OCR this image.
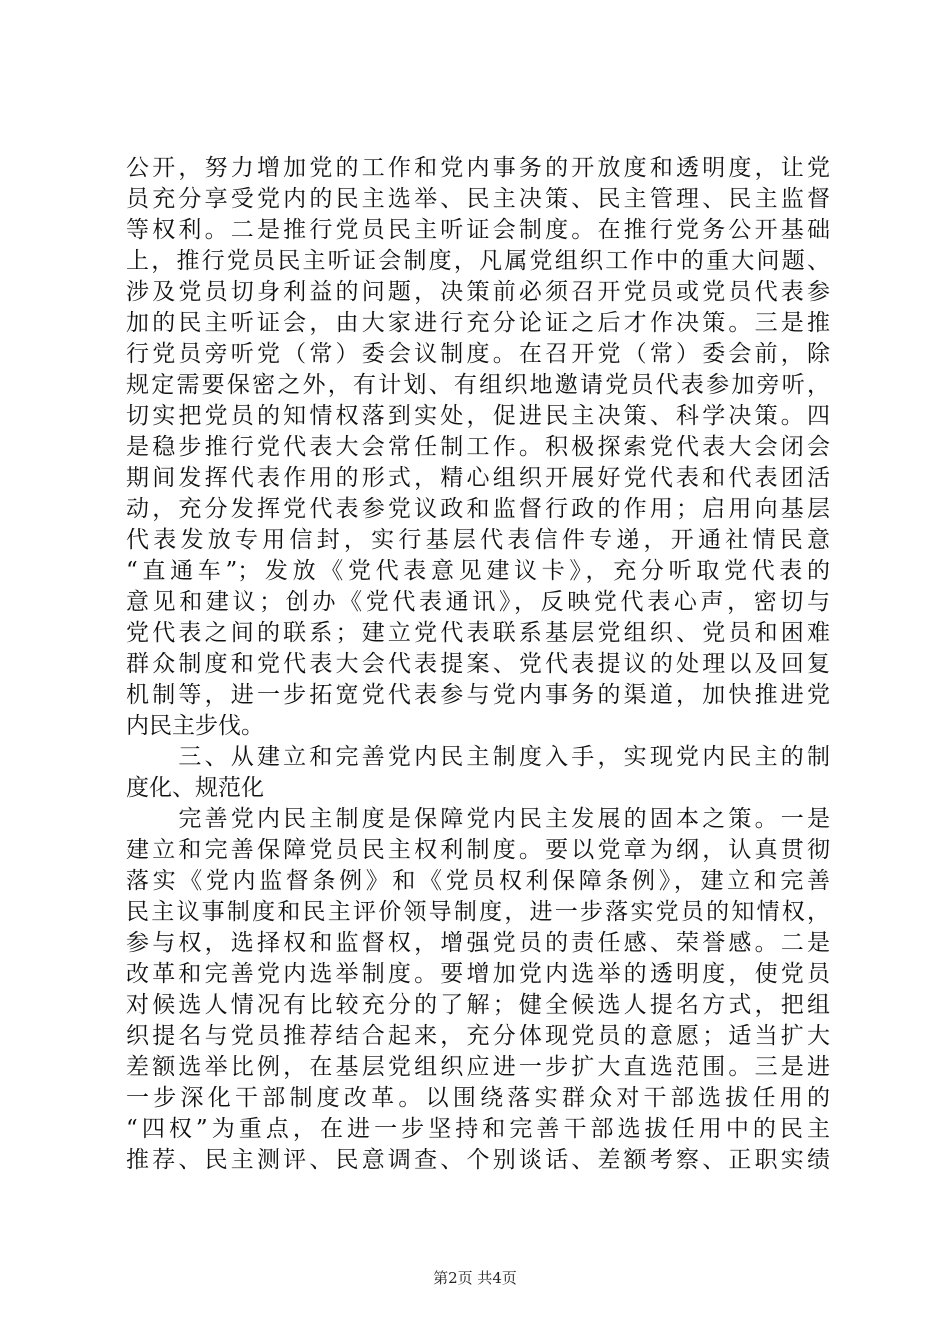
公开，努力增加党的工作和党内事务的开放度和透明度，让党
员充分享受党内的民主选举、民主决策、民主管理、民主监督
等权利。二是推行党员民主听证会制度。在推行党务公开基础
上，推行党员民主听证会制度，凡属党组织工作中的重大问题、
涉及党员切身利益的问题，决策前必须召开党员或党员代表参
加的民主听证会，由大家进行充分论证之后才作决策。三是推
行党员旁听党（常）委会议制度。在召开党（常）委会前，除
规定需要保密之外，有计划、有组织地邀请党员代表参加旁听，
切实把党员的知情权落到实处，促进民主决策、科学决策。四
是稳步推行党代表大会常任制工作。积极探索党代表大会闭会
期间发挥代表作用的形式，精心组织开展好党代表和代表团活
动，充分发挥党代表参党议政和监督行政的作用；启用向基层
代表发放专用信封，实行基层代表信件专递，开通社情民意
“直通车”；发放《党代表意见建议卡》，充分听取党代表的
意见和建议；创办《党代表通讯》，反映党代表心声，密切与
党代表之间的联系；建立党代表联系基层党组织、党员和困难
群众制度和党代表大会代表提案、党代表提议的处理以及回复
机制等，进一步拓宽党代表参与党内事务的渠道，加快推进党
内民主步伐。
　　三、从建立和完善党内民主制度入手，实现党内民主的制
度化、规范化
　　完善党内民主制度是保障党内民主发展的固本之策。一是
建立和完善保障党员民主权利制度。要以党章为纲，认真贯彻
落实《党内监督条例》和《党员权利保障条例》，建立和完善
民主议事制度和民主评价领导制度，进一步落实党员的知情权，
参与权，选择权和监督权，增强党员的责任感、荣誉感。二是
改革和完善党内选举制度。要增加党内选举的透明度，使党员
对候选人情况有比较充分的了解；健全候选人提名方式，把组
织提名与党员推荐结合起来，充分体现党员的意愿；适当扩大
差额选举比例，在基层党组织应进一步扩大直选范围。三是进
一步深化干部制度改革。以围绕落实群众对干部选拔任用的
“四权”为重点，在进一步坚持和完善干部选拔任用中的民主
推荐、民主测评、民意调查、个别谈话、差额考察、正职实绩
第2页 共4页
